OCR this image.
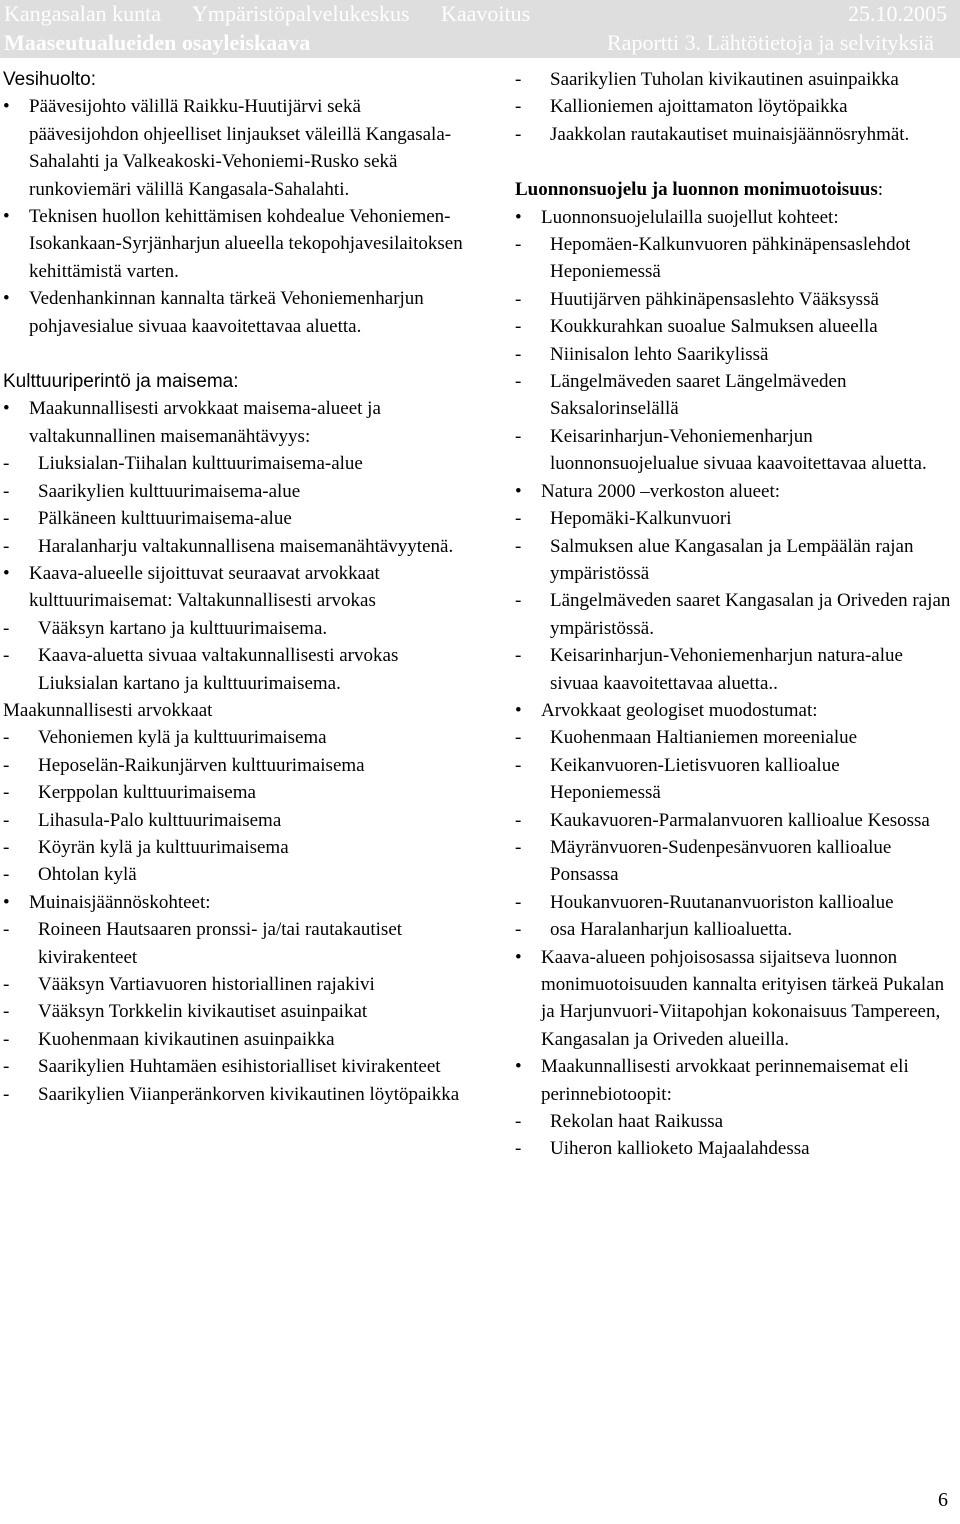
Kangasalan kunta Ympäristöpalvelukeskus Kaavoitus	25.10.2005
Maaseutualueiden osayleiskaava	Raportti 3. Lähtötietoja ja selvityksiä

Vesihuolto:

• Päävesijohto välillä Raikku-Huutijärvi sekä päävesijohdon ohjeelliset linjaukset väleillä Kangasala-Sahalahti ja Valkeakoski-Vehoniemi-Rusko sekä runkoviemäri välillä Kangasala-Sahalahti.

• Teknisen huollon kehittämisen kohdealue Vehoniemen-Isokankaan-Syrjänharjun alueella tekopohjavesilaitoksen kehittämistä varten.

• Vedenhankinnan kannalta tärkeä Vehoniemenharjun pohjavesialue sivuaa kaavoitettavaa aluetta.

Kulttuuriperintö ja maisema:

• Maakunnallisesti arvokkaat maisema-alueet ja valtakunnallinen maisemanähtävyys:

-	Liuksialan-Tiihalan kulttuurimaisema-alue
-	Saarikylien kulttuurimaisema-alue
-	Pälkäneen kulttuurimaisema-alue
-	Haralanharju valtakunnallisena maisemanähtävyytenä.

• Kaava-alueelle sijoittuvat seuraavat arvokkaat kulttuurimaisemat: Valtakunnallisesti arvokas

-	Vääksyn kartano ja kulttuurimaisema.
-	Kaava-aluetta sivuaa valtakunnallisesti arvokas Liuksialan kartano ja kulttuurimaisema.

Maakunnallisesti arvokkaat

-	Vehoniemen kylä ja kulttuurimaisema
-	Heposelän-Raikunjärven kulttuurimaisema
-	Kerppolan kulttuurimaisema
-	Lihasula-Palo kulttuurimaisema
-	Köyrän kylä ja kulttuurimaisema
-	Ohtolan kylä

• Muinaisjäännöskohteet:

-	Roineen Hautsaaren pronssi- ja/tai rautakautiset kivirakenteet
-	Vääksyn Vartiavuoren historiallinen rajakivi
-	Vääksyn Torkkelin kivikautiset asuinpaikat
-	Kuohenmaan kivikautinen asuinpaikka
-	Saarikylien Huhtamäen esihistorialliset kivirakenteet
-	Saarikylien Viianperänkorven kivikautinen löytöpaikka
-	Saarikylien Tuholan kivikautinen asuinpaikka
-	Kallioniemen ajoittamaton löytöpaikka
-	Jaakkolan rautakautiset muinaisjäännösryhmät.

Luonnonsuojelu ja luonnon monimuotoisuus:

• Luonnonsuojelulailla suojellut kohteet:

-	Hepomäen-Kalkunvuoren pähkinäpensaslehdot Heponiemessä
-	Huutijärven pähkinäpensaslehto Vääksyssä
-	Koukkurahkan suoalue Salmuksen alueella
-	Niinisalon lehto Saarikylissä
-	Längelmäveden saaret Längelmäveden Saksalorinselällä
-	Keisarinharjun-Vehoniemenharjun luonnonsuojelualue sivuaa kaavoitettavaa aluetta.

• Natura 2000 –verkoston alueet:

-	Hepomäki-Kalkunvuori
-	Salmuksen alue Kangasalan ja Lempäälän rajan ympäristössä
-	Längelmäveden saaret Kangasalan ja Oriveden rajan ympäristössä.
-	Keisarinharjun-Vehoniemenharjun natura-alue sivuaa kaavoitettavaa aluetta..

• Arvokkaat geologiset muodostumat:

-	Kuohenmaan Haltianiemen moreenialue
-	Keikanvuoren-Lietisvuoren kallioalue Heponiemessä
-	Kaukavuoren-Parmalanvuoren kallioalue Kesossa
-	Mäyränvuoren-Sudenpesänvuoren kallioalue Ponsassa
-	Houkanvuoren-Ruutananvuoriston kallioalue
-	osa Haralanharjun kallioaluetta.

• Kaava-alueen pohjoisosassa sijaitseva luonnon monimuotoisuuden kannalta erityisen tärkeä Pukalan ja Harjunvuori-Viitapohjan kokonaisuus Tampereen, Kangasalan ja Oriveden alueilla.

• Maakunnallisesti arvokkaat perinnemaisemat eli perinnebiotoopit:

-	Rekolan haat Raikussa
-	Uiheron kallioketo Majaalahdessa
6
